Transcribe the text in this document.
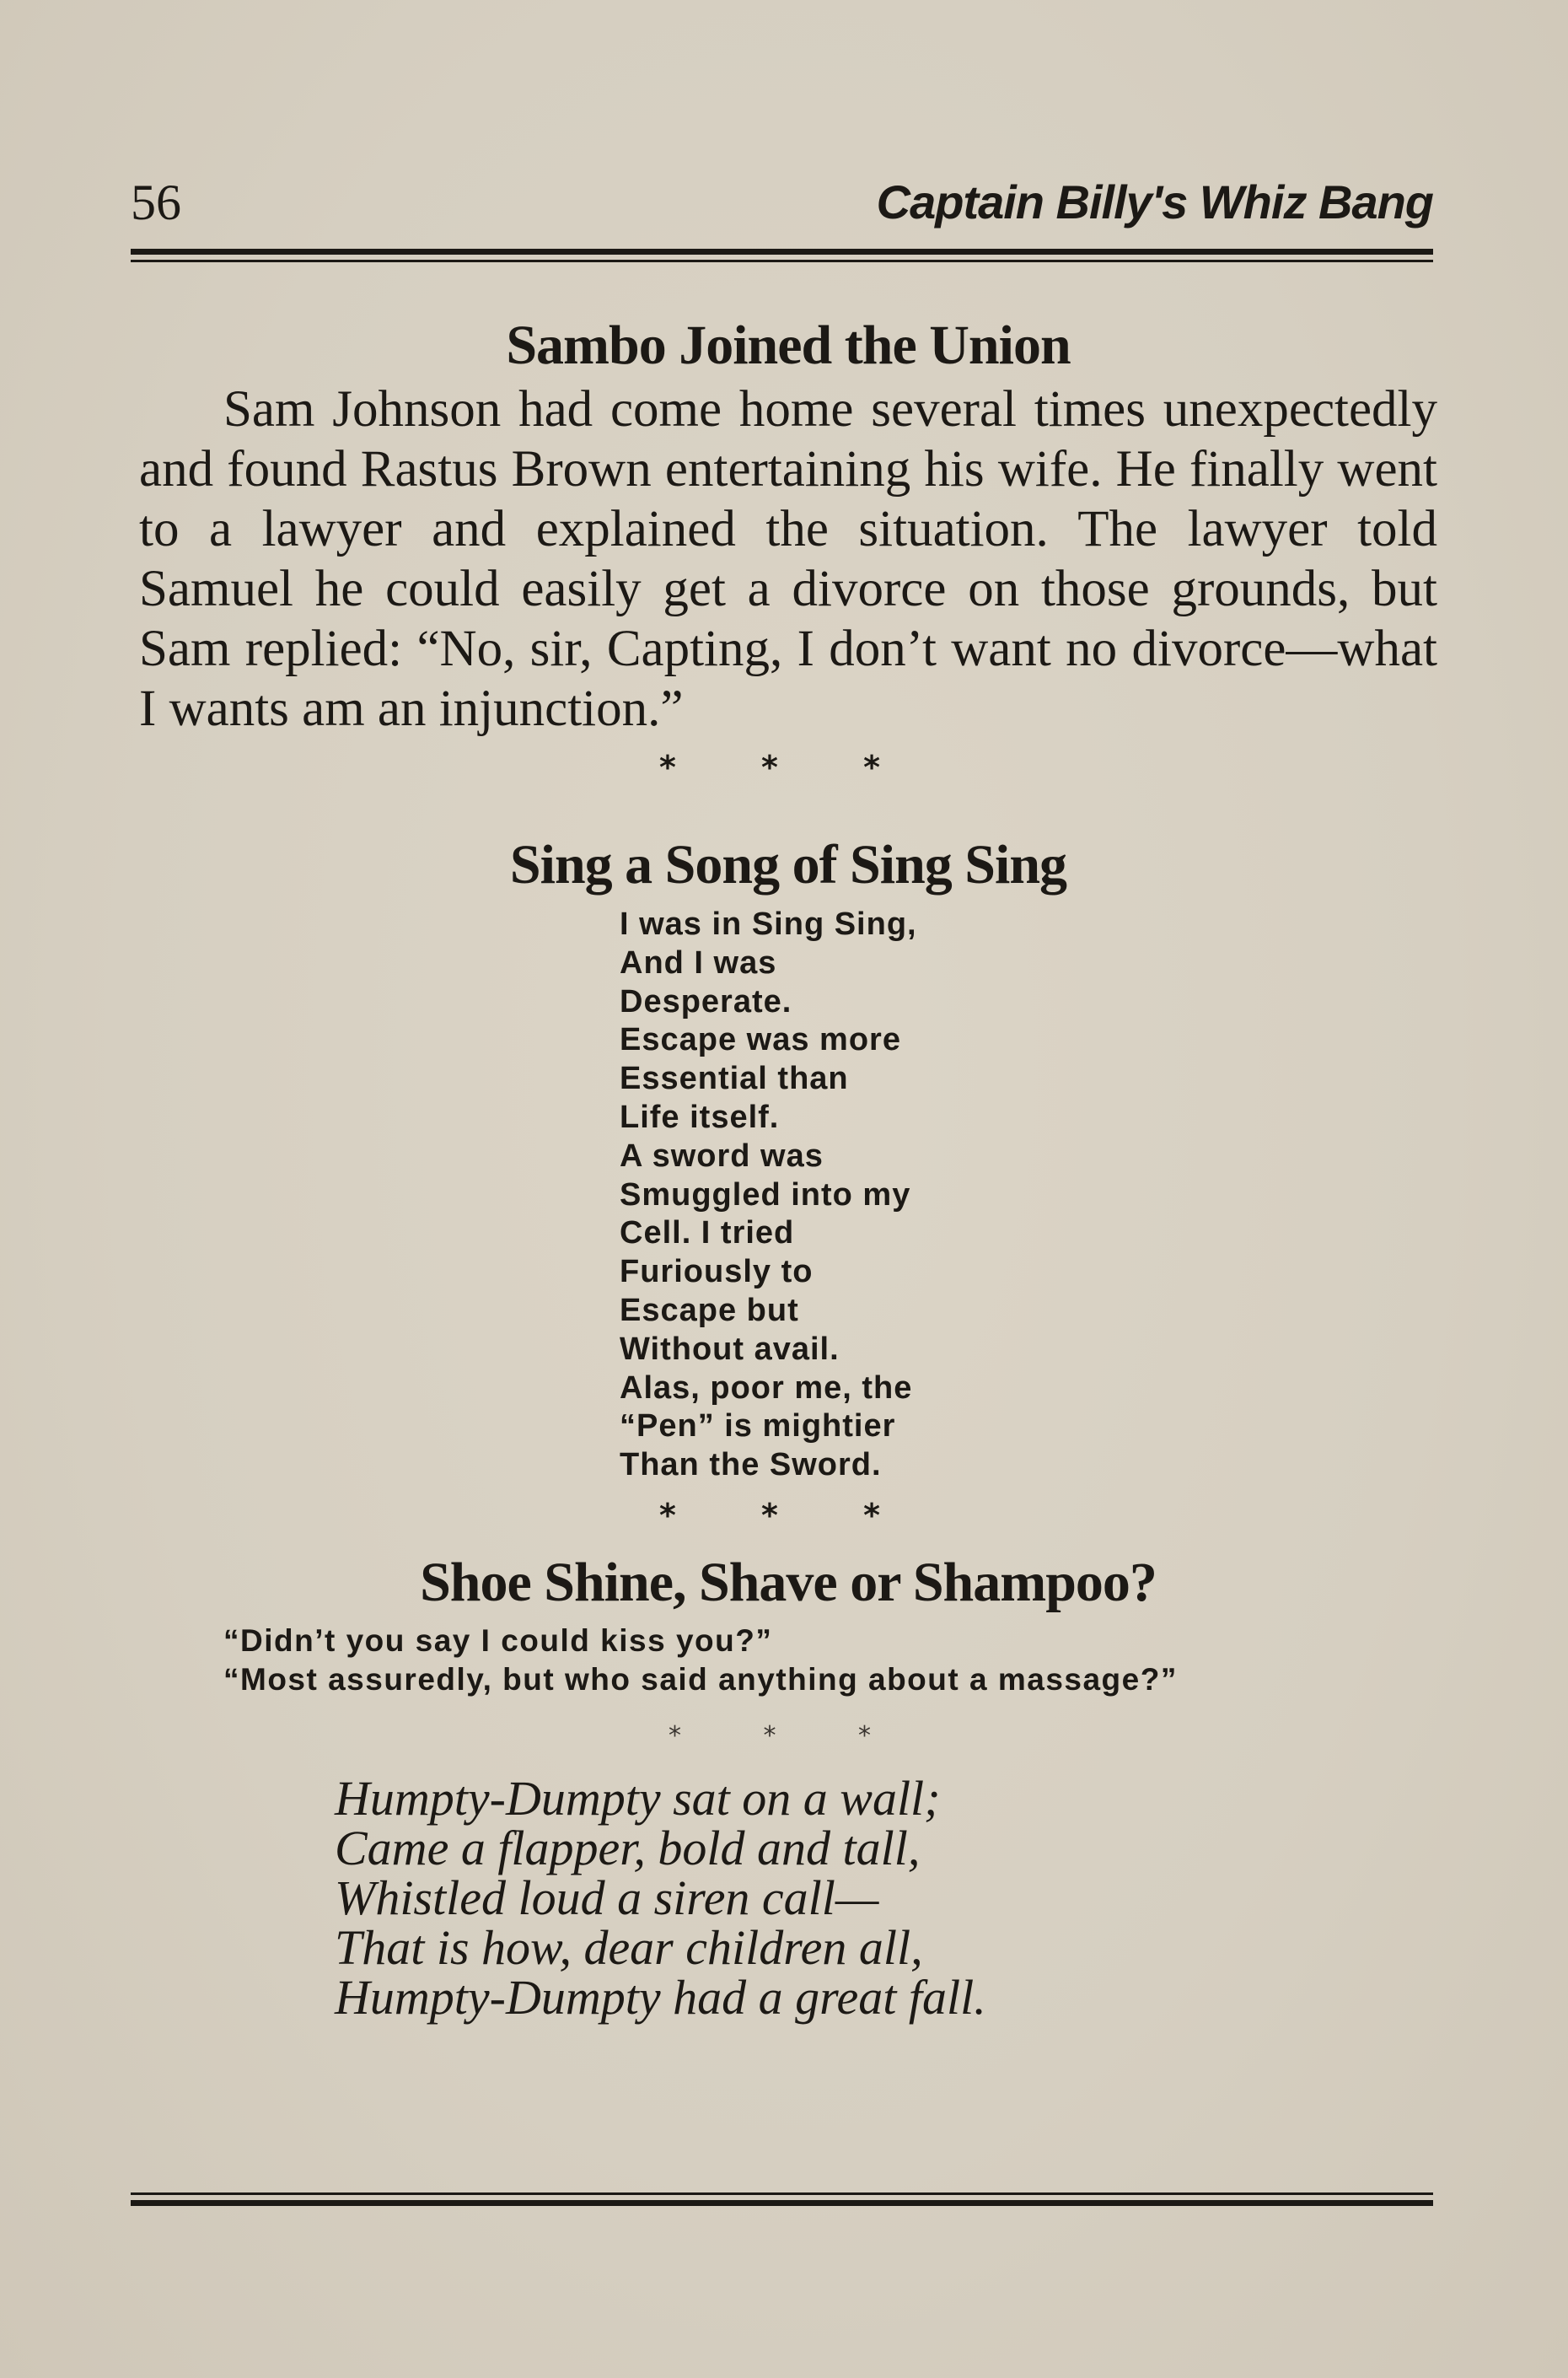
56	Captain Billy's Whiz Bang
Sambo Joined the Union

Sam Johnson had come home several times unexpectedly and found Rastus Brown entertaining his wife. He finally went to a lawyer and explained the situation. The lawyer told Samuel he could easily get a divorce on those grounds, but Sam replied: “No, sir, Capting, I don’t want no divorce—what I wants am an injunction.”

* * *
Sing a Song of Sing Sing
I was in Sing Sing,
And I was
Desperate.
Escape was more
Essential than
Life itself.
A sword was
Smuggled into my
Cell. I tried
Furiously to
Escape but
Without avail.
Alas, poor me, the
“Pen” is mightier
Than the Sword.
* * *
Shoe Shine, Shave or Shampoo?
“Didn’t you say I could kiss you?”
“Most assuredly, but who said anything about a massage?”
* * *
Humpty-Dumpty sat on a wall;
Came a flapper, bold and tall,
Whistled loud a siren call—
That is how, dear children all,
Humpty-Dumpty had a great fall.
